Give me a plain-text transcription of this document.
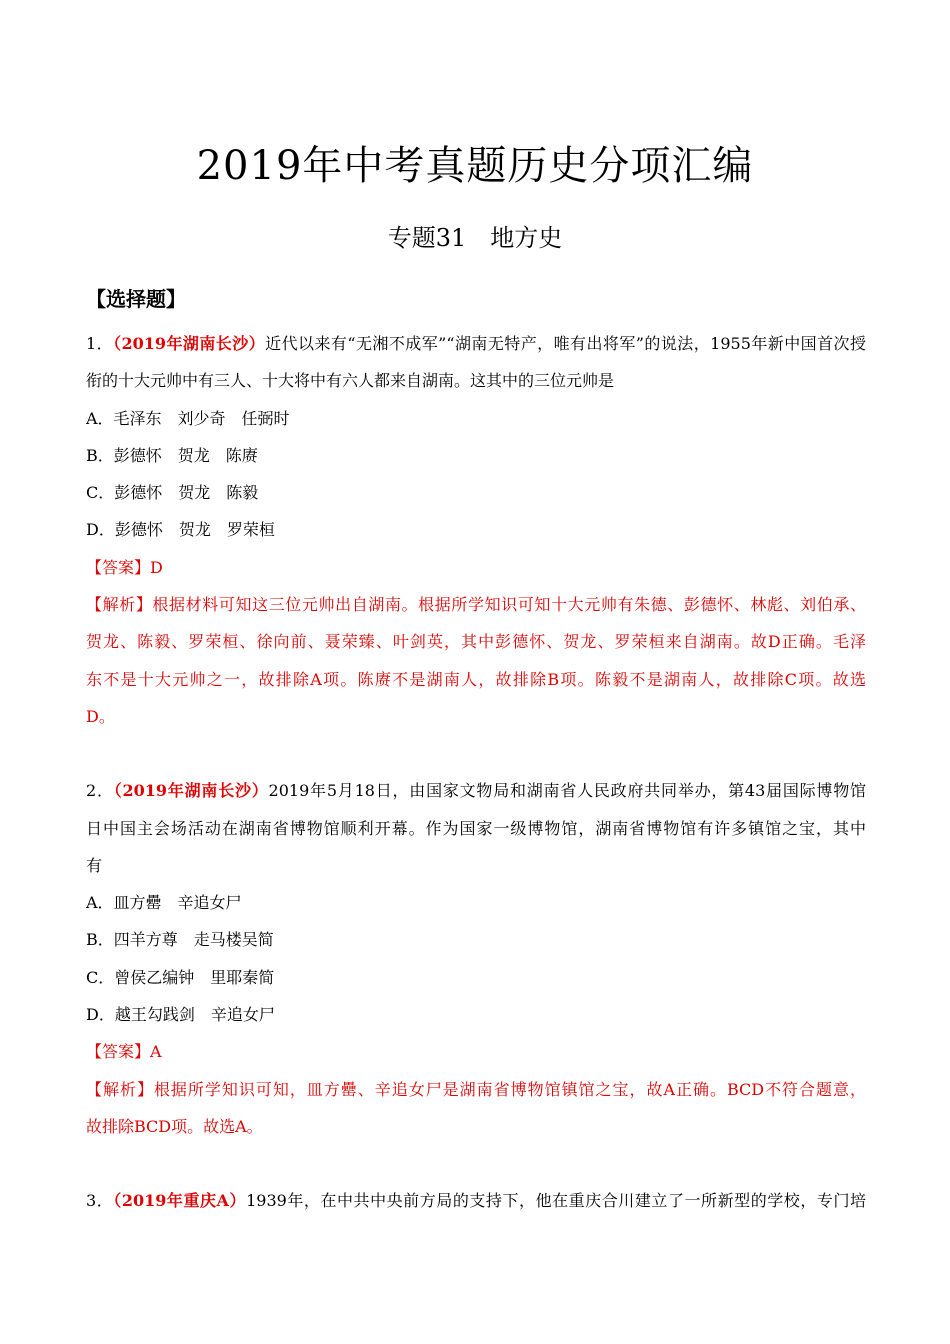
2019年中考真题历史分项汇编
专题31　地方史
【选择题】
1．（2019年湖南长沙）近代以来有“无湘不成军”“湖南无特产，唯有出将军”的说法，1955年新中国首次授
衔的十大元帅中有三人、十大将中有六人都来自湖南。这其中的三位元帅是
A．毛泽东　刘少奇　任弼时
B．彭德怀　贺龙　陈赓
C．彭德怀　贺龙　陈毅
D．彭德怀　贺龙　罗荣桓
【答案】D
【解析】根据材料可知这三位元帅出自湖南。根据所学知识可知十大元帅有朱德、彭德怀、林彪、刘伯承、
贺龙、陈毅、罗荣桓、徐向前、聂荣臻、叶剑英，其中彭德怀、贺龙、罗荣桓来自湖南。故D正确。毛泽
东不是十大元帅之一，故排除A项。陈赓不是湖南人，故排除B项。陈毅不是湖南人，故排除C项。故选
D。
2．（2019年湖南长沙）2019年5月18日，由国家文物局和湖南省人民政府共同举办，第43届国际博物馆
日中国主会场活动在湖南省博物馆顺利开幕。作为国家一级博物馆，湖南省博物馆有许多镇馆之宝，其中
有
A．皿方罍　辛追女尸
B．四羊方尊　走马楼吴简
C．曾侯乙编钟　里耶秦简
D．越王勾践剑　辛追女尸
【答案】A
【解析】根据所学知识可知，皿方罍、辛追女尸是湖南省博物馆镇馆之宝，故A正确。BCD不符合题意，
故排除BCD项。故选A。
3．（2019年重庆A）1939年，在中共中央前方局的支持下，他在重庆合川建立了一所新型的学校，专门培
